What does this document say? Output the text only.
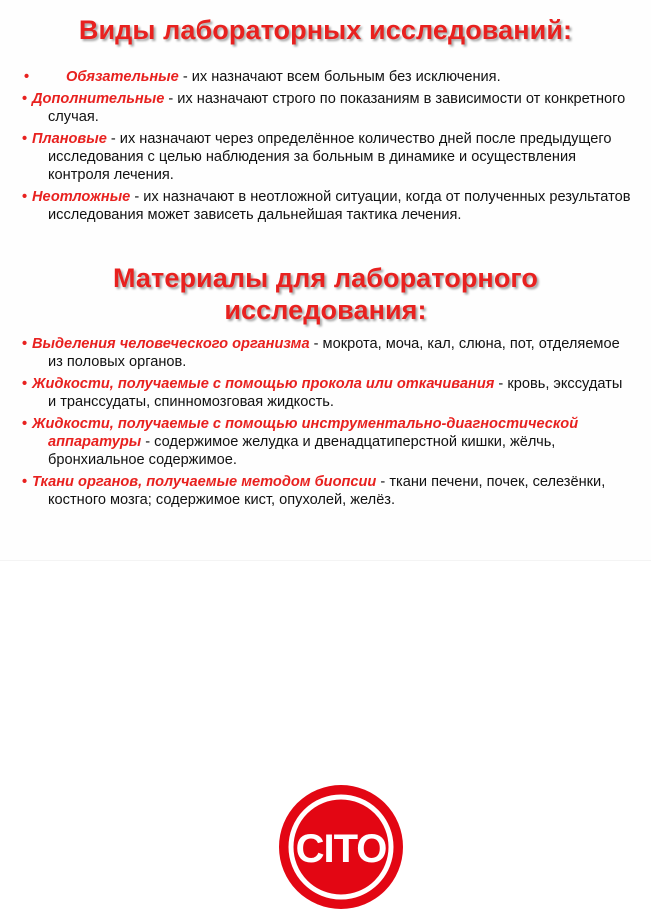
Виды лабораторных исследований:
•	Обязательные - их назначают всем больным без исключения.
• Дополнительные - их назначают строго по показаниям в зависимости от конкретного случая.
• Плановые - их назначают через определённое количество дней после предыдущего исследования с целью наблюдения за больным в динамике и осуществления контроля лечения.
• Неотложные - их назначают в неотложной ситуации, когда от полученных результатов исследования может зависеть дальнейшая тактика лечения.
Материалы для лабораторного исследования:
• Выделения человеческого организма - мокрота, моча, кал, слюна, пот, отделяемое из половых органов.
• Жидкости, получаемые с помощью прокола или откачивания - кровь, экссудаты и транссудаты, спинномозговая жидкость.
• Жидкости, получаемые с помощью инструментально-диагностической аппаратуры - содержимое желудка и двенадцатиперстной кишки, жёлчь, бронхиальное содержимое.
• Ткани органов, получаемые методом биопсии - ткани печени, почек, селезёнки, костного мозга; содержимое кист, опухолей, желёз.
CITO
